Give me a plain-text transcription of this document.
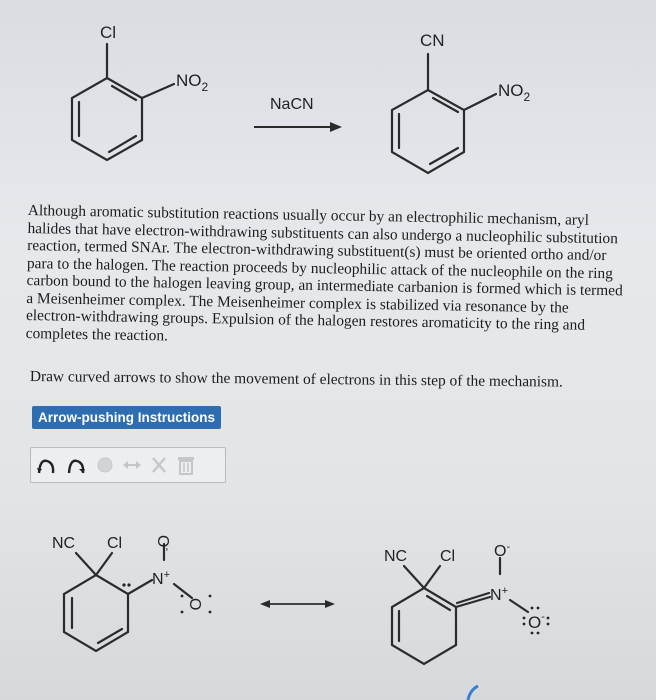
Cl
$NO_2$
NaCN
CN
$NO_2$
NC Cl O-
N+
O
NC Cl O-
N+
O-

Although aromatic substitution reactions usually occur by an electrophilic mechanism, aryl halides that have electron-withdrawing substituents can also undergo a nucleophilic substitution reaction, termed SNAr. The electron-withdrawing substituent(s) must be oriented ortho and/or para to the halogen. The reaction proceeds by nucleophilic attack of the nucleophile on the ring carbon bound to the halogen leaving group, an intermediate carbanion is formed which is termed a Meisenheimer complex. The Meisenheimer complex is stabilized via resonance by the electron-withdrawing groups. Expulsion of the halogen restores aromaticity to the ring and completes the reaction.

Draw curved arrows to show the movement of electrons in this step of the mechanism.

Arrow-pushing Instructions
